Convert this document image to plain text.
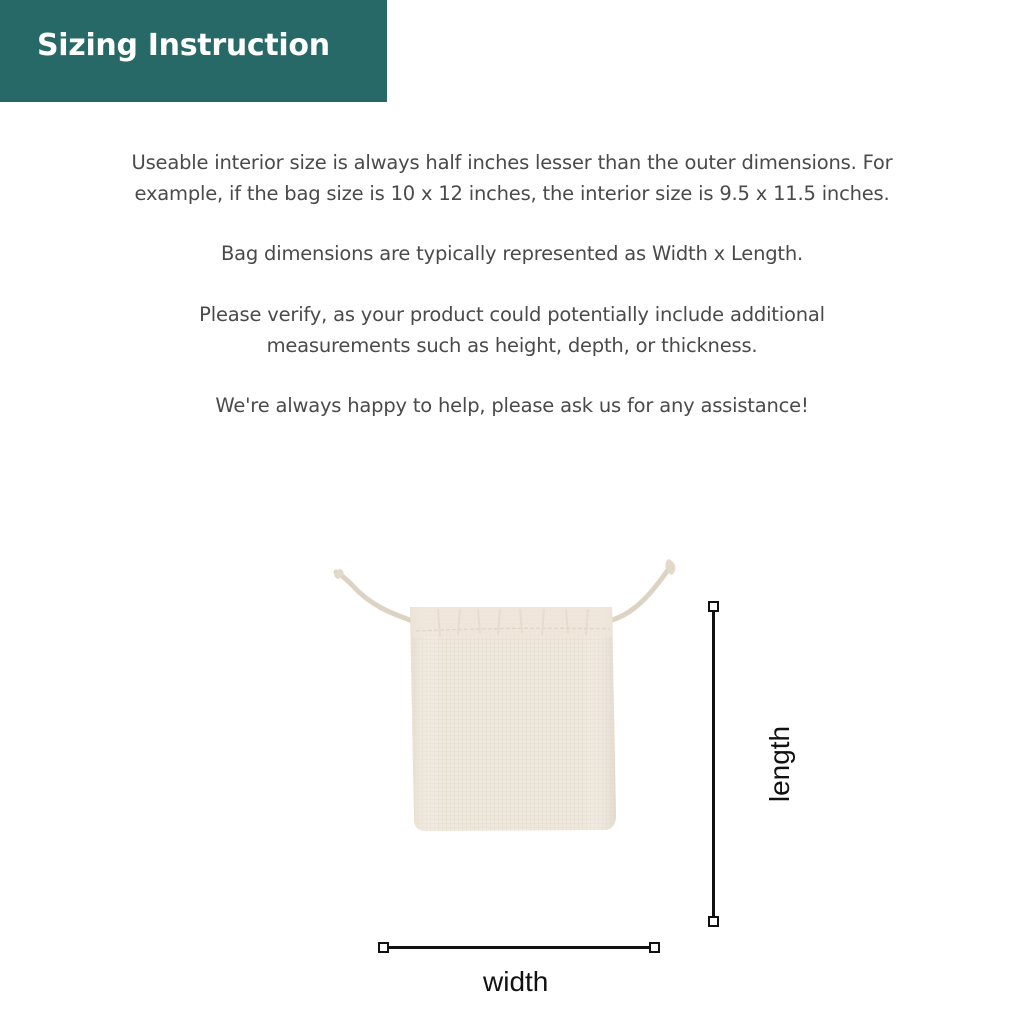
Sizing Instruction
Useable interior size is always half inches lesser than the outer dimensions. For
example, if the bag size is 10 x 12 inches, the interior size is 9.5 x 11.5 inches.
Bag dimensions are typically represented as Width x Length.
Please verify, as your product could potentially include additional
measurements such as height, depth, or thickness.
We're always happy to help, please ask us for any assistance!
width
length
